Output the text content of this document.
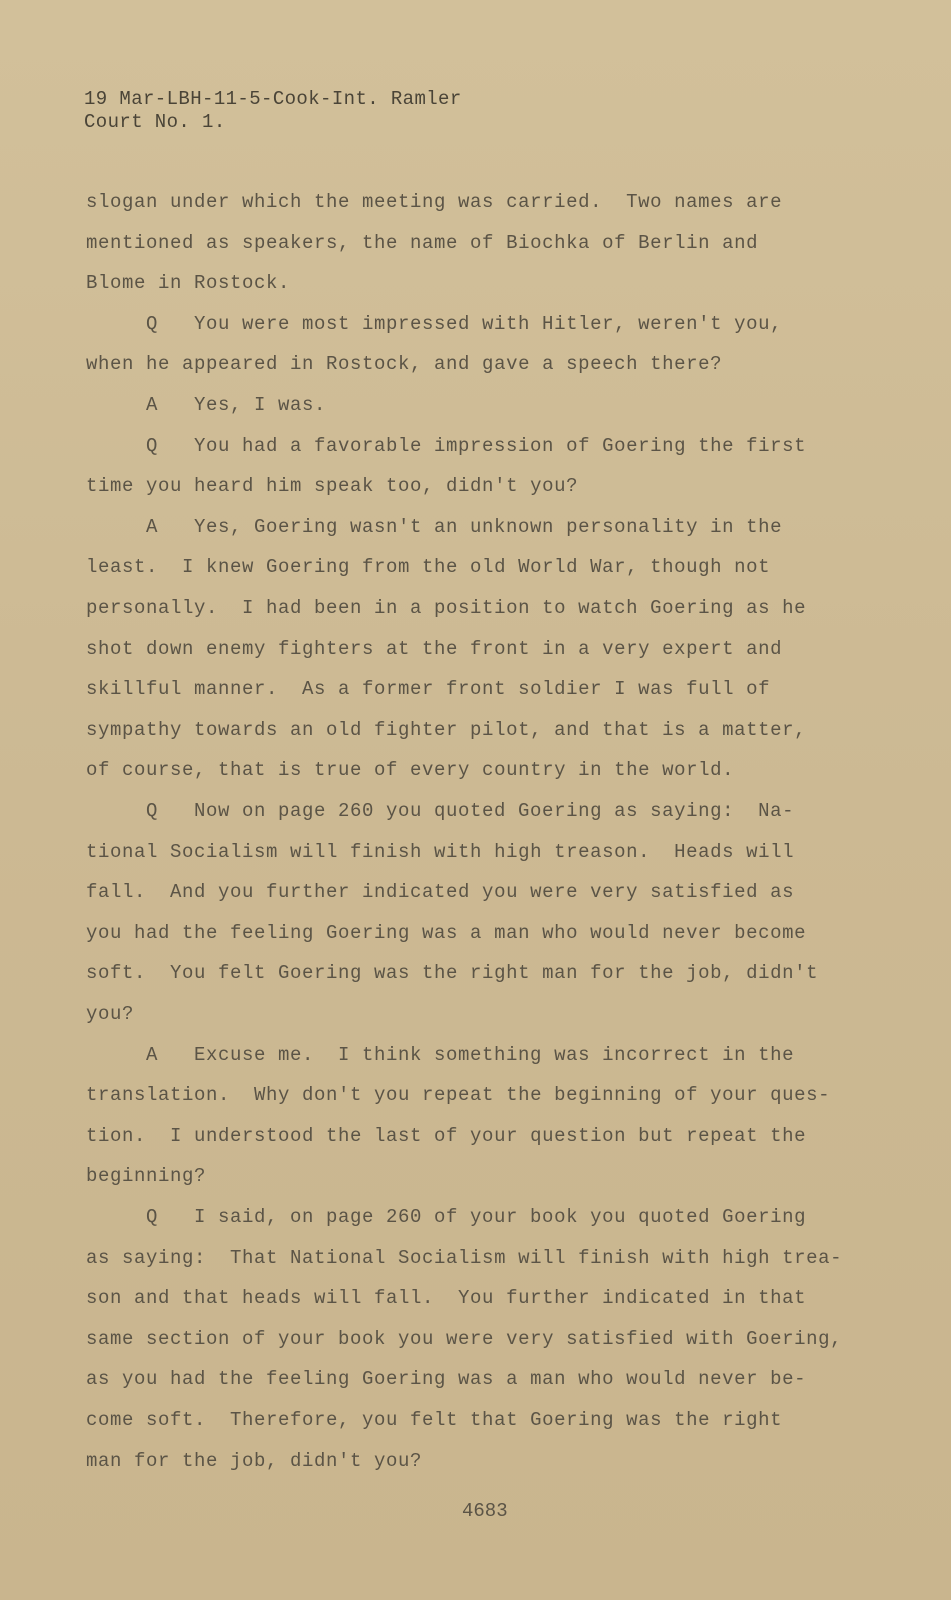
19 Mar-LBH-11-5-Cook-Int. Ramler
Court No. 1.
slogan under which the meeting was carried.  Two names are
mentioned as speakers, the name of Biochka of Berlin and
Blome in Rostock.
Q   You were most impressed with Hitler, weren't you,
when he appeared in Rostock, and gave a speech there?
A   Yes, I was.
Q   You had a favorable impression of Goering the first
time you heard him speak too, didn't you?
A   Yes, Goering wasn't an unknown personality in the
least.  I knew Goering from the old World War, though not
personally.  I had been in a position to watch Goering as he
shot down enemy fighters at the front in a very expert and
skillful manner.  As a former front soldier I was full of
sympathy towards an old fighter pilot, and that is a matter,
of course, that is true of every country in the world.
Q   Now on page 260 you quoted Goering as saying:  Na-
tional Socialism will finish with high treason.  Heads will
fall.  And you further indicated you were very satisfied as
you had the feeling Goering was a man who would never become
soft.  You felt Goering was the right man for the job, didn't
you?
A   Excuse me.  I think something was incorrect in the
translation.  Why don't you repeat the beginning of your ques-
tion.  I understood the last of your question but repeat the
beginning?
Q   I said, on page 260 of your book you quoted Goering
as saying:  That National Socialism will finish with high trea-
son and that heads will fall.  You further indicated in that
same section of your book you were very satisfied with Goering,
as you had the feeling Goering was a man who would never be-
come soft.  Therefore, you felt that Goering was the right
man for the job, didn't you?
4683
